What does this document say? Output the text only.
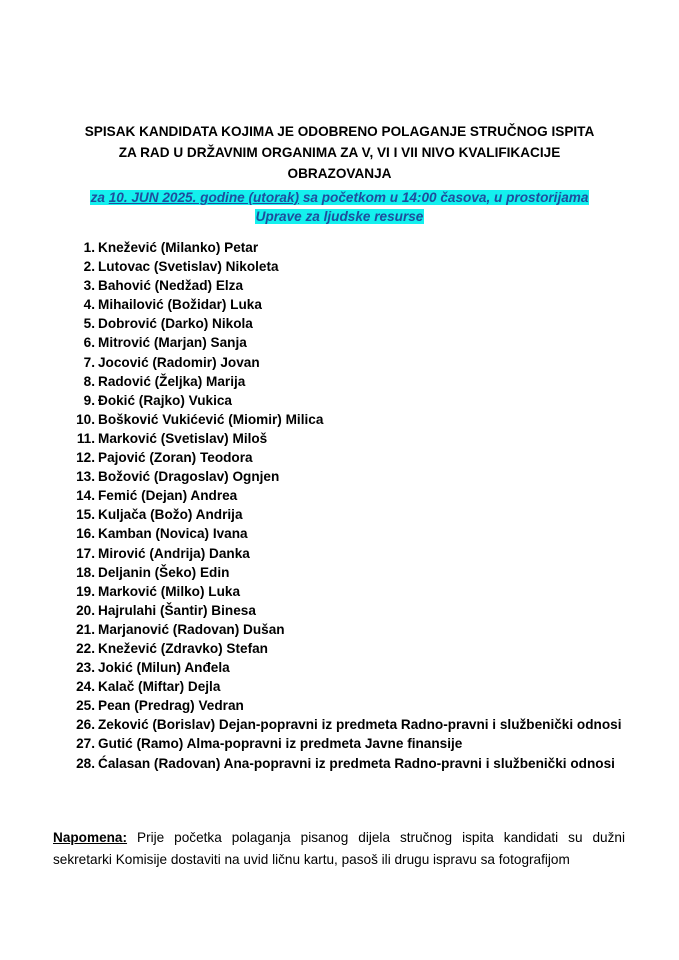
SPISAK KANDIDATA KOJIMA JE ODOBRENO POLAGANJE STRUČNOG ISPITA
ZA RAD U DRŽAVNIM ORGANIMA ZA V, VI I VII NIVO KVALIFIKACIJE
OBRAZOVANJA
za 10. JUN 2025. godine (utorak) sa početkom u 14:00 časova, u prostorijama
Uprave za ljudske resurse
1. Knežević (Milanko) Petar
2. Lutovac (Svetislav) Nikoleta
3. Bahović (Nedžad) Elza
4. Mihailović (Božidar) Luka
5. Dobrović (Darko) Nikola
6. Mitrović (Marjan) Sanja
7. Jocović (Radomir) Jovan
8. Radović (Željka) Marija
9. Đokić (Rajko) Vukica
10. Bošković Vukićević (Miomir) Milica
11. Marković (Svetislav) Miloš
12. Pajović (Zoran) Teodora
13. Božović (Dragoslav) Ognjen
14. Femić (Dejan) Andrea
15. Kuljača (Božo) Andrija
16. Kamban (Novica) Ivana
17. Mirović (Andrija) Danka
18. Deljanin (Šeko) Edin
19. Marković (Milko) Luka
20. Hajrulahi (Šantir) Binesa
21. Marjanović (Radovan) Dušan
22. Knežević (Zdravko) Stefan
23. Jokić (Milun) Anđela
24. Kalač (Miftar) Dejla
25. Pean (Predrag) Vedran
26. Zeković (Borislav) Dejan-popravni iz predmeta Radno-pravni i službenički odnosi
27. Gutić (Ramo) Alma-popravni iz predmeta Javne finansije
28. Ćalasan (Radovan) Ana-popravni iz predmeta Radno-pravni i službenički odnosi
Napomena: Prije početka polaganja pisanog dijela stručnog ispita kandidati su dužni sekretarki Komisije dostaviti na uvid ličnu kartu, pasoš ili drugu ispravu sa fotografijom
